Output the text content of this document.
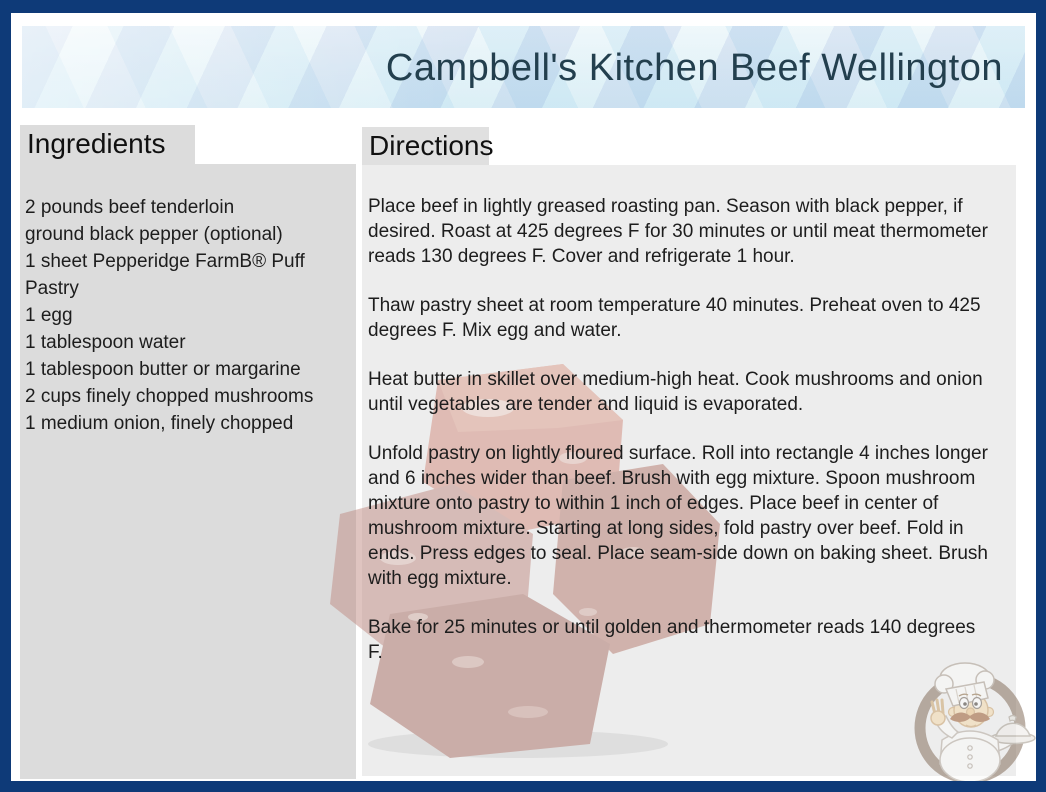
Campbell's Kitchen Beef Wellington
Ingredients
2 pounds beef tenderloin
ground black pepper (optional)
1 sheet Pepperidge FarmB® Puff Pastry
1 egg
1 tablespoon water
1 tablespoon butter or margarine
2 cups finely chopped mushrooms
1 medium onion, finely chopped
Directions

Place beef in lightly greased roasting pan. Season with black pepper, if desired. Roast at 425 degrees F for 30 minutes or until meat thermometer reads 130 degrees F. Cover and refrigerate 1 hour.

Thaw pastry sheet at room temperature 40 minutes. Preheat oven to 425 degrees F. Mix egg and water.

Heat butter in skillet over medium-high heat. Cook mushrooms and onion until vegetables are tender and liquid is evaporated.

Unfold pastry on lightly floured surface. Roll into rectangle 4 inches longer and 6 inches wider than beef. Brush with egg mixture. Spoon mushroom mixture onto pastry to within 1 inch of edges. Place beef in center of mushroom mixture. Starting at long sides, fold pastry over beef. Fold in ends. Press edges to seal. Place seam-side down on baking sheet. Brush with egg mixture.

Bake for 25 minutes or until golden and thermometer reads 140 degrees F.
